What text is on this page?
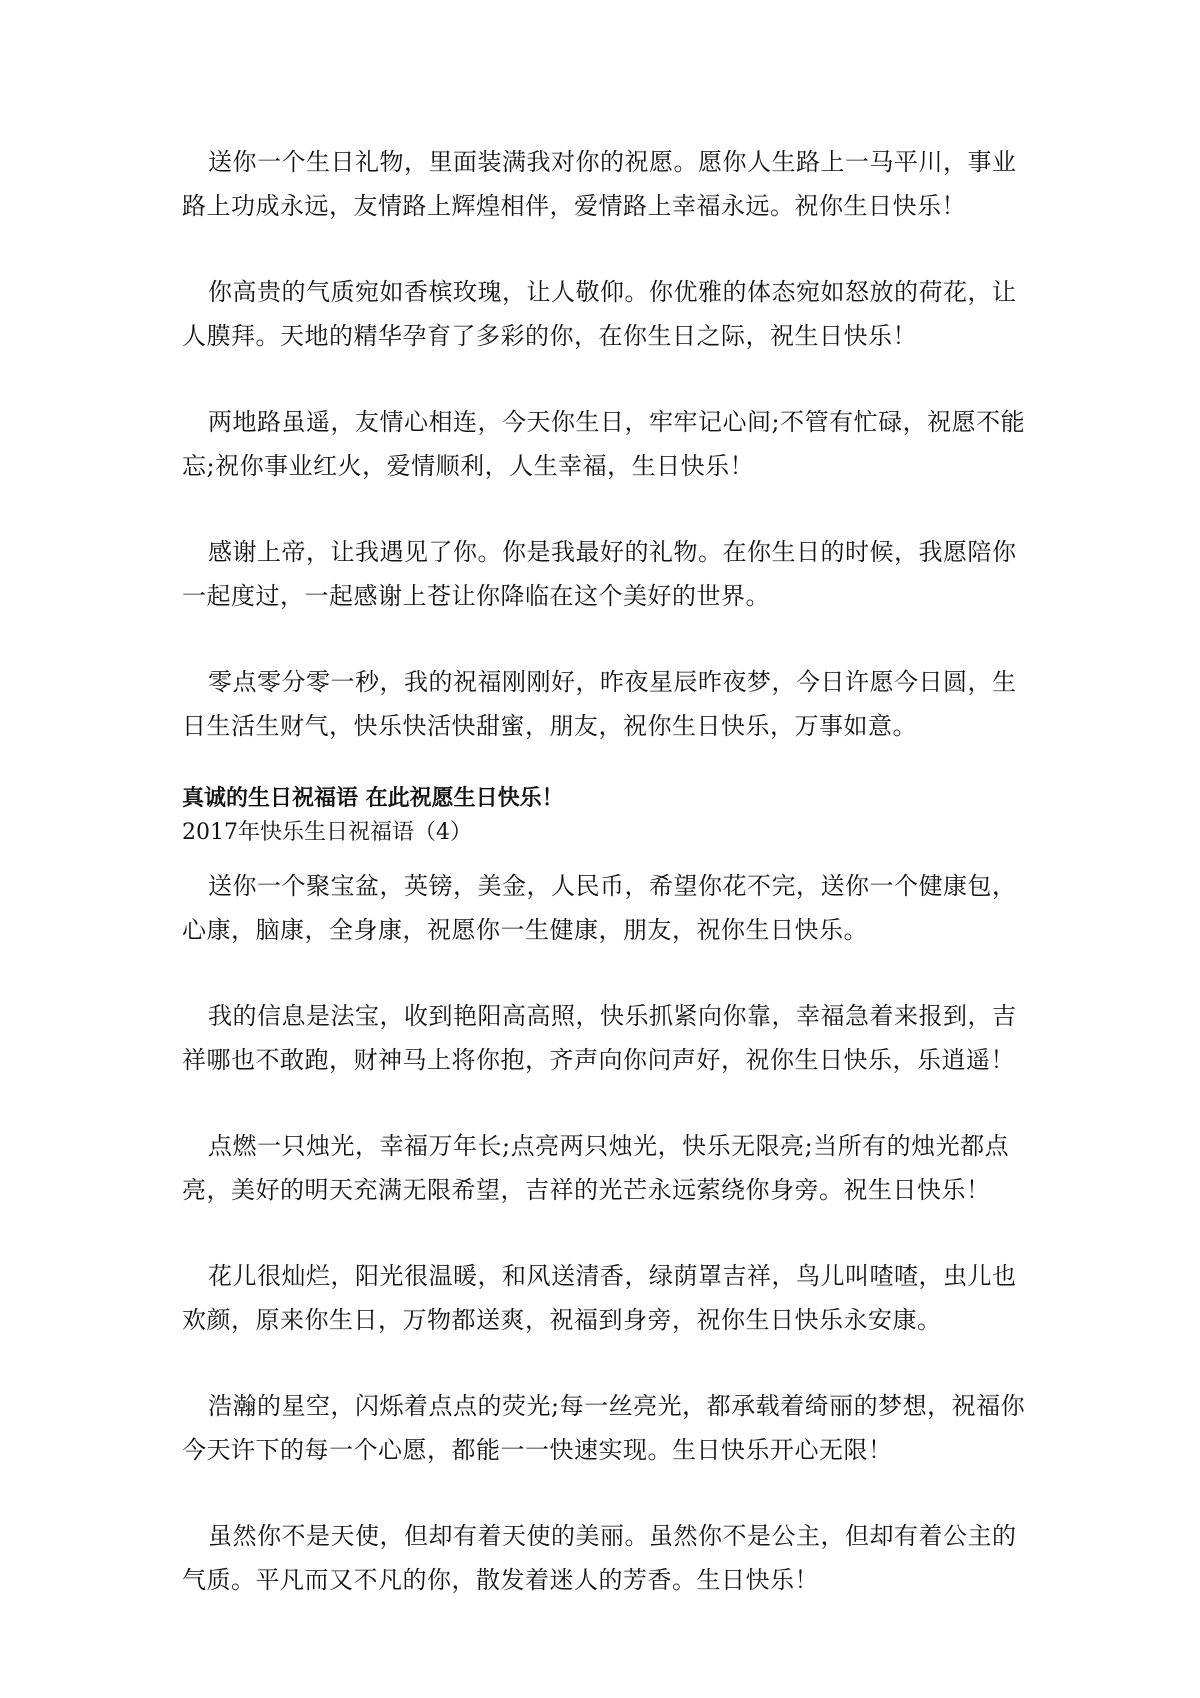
送你一个生日礼物，里面装满我对你的祝愿。愿你人生路上一马平川，事业路上功成永远，友情路上辉煌相伴，爱情路上幸福永远。祝你生日快乐！

你高贵的气质宛如香槟玫瑰，让人敬仰。你优雅的体态宛如怒放的荷花，让人膜拜。天地的精华孕育了多彩的你，在你生日之际，祝生日快乐！

两地路虽遥，友情心相连，今天你生日，牢牢记心间;不管有忙碌，祝愿不能忘;祝你事业红火，爱情顺利，人生幸福，生日快乐！

感谢上帝，让我遇见了你。你是我最好的礼物。在你生日的时候，我愿陪你一起度过，一起感谢上苍让你降临在这个美好的世界。

零点零分零一秒，我的祝福刚刚好，昨夜星辰昨夜梦，今日许愿今日圆，生日生活生财气，快乐快活快甜蜜，朋友，祝你生日快乐，万事如意。

真诚的生日祝福语 在此祝愿生日快乐！
2017年快乐生日祝福语（4）

送你一个聚宝盆，英镑，美金，人民币，希望你花不完，送你一个健康包，心康，脑康，全身康，祝愿你一生健康，朋友，祝你生日快乐。

我的信息是法宝，收到艳阳高高照，快乐抓紧向你靠，幸福急着来报到，吉祥哪也不敢跑，财神马上将你抱，齐声向你问声好，祝你生日快乐，乐逍遥！

点燃一只烛光，幸福万年长;点亮两只烛光，快乐无限亮;当所有的烛光都点亮，美好的明天充满无限希望，吉祥的光芒永远萦绕你身旁。祝生日快乐！

花儿很灿烂，阳光很温暖，和风送清香，绿荫罩吉祥，鸟儿叫喳喳，虫儿也欢颜，原来你生日，万物都送爽，祝福到身旁，祝你生日快乐永安康。

浩瀚的星空，闪烁着点点的荧光;每一丝亮光，都承载着绮丽的梦想，祝福你今天许下的每一个心愿，都能一一快速实现。生日快乐开心无限！

虽然你不是天使，但却有着天使的美丽。虽然你不是公主，但却有着公主的气质。平凡而又不凡的你，散发着迷人的芳香。生日快乐！
